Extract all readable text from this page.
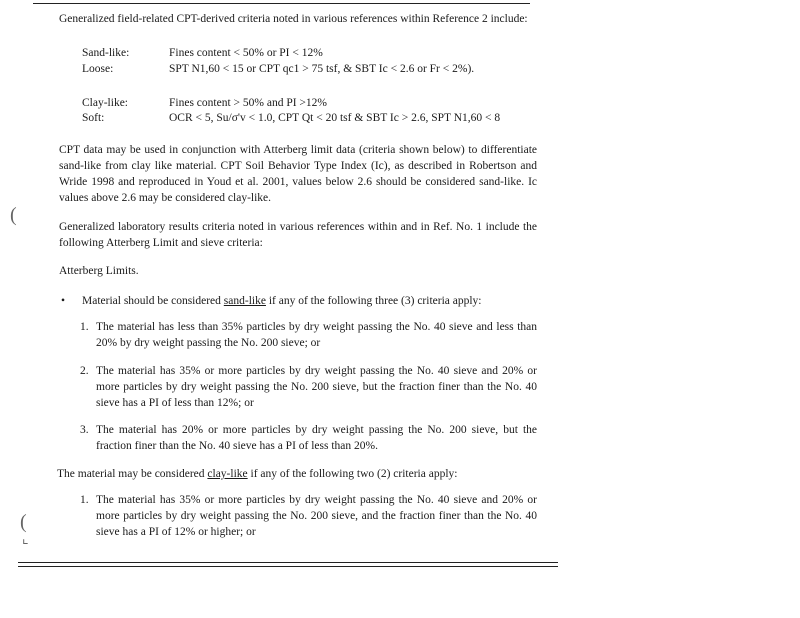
(
(
⌞

Generalized field-related CPT-derived criteria noted in various references within Reference 2 include:

Sand-like:	Fines content < 50% or PI < 12%
Loose:	SPT N1,60 < 15 or CPT qc1 > 75 tsf, & SBT Ic < 2.6 or Fr < 2%).
Clay-like:	Fines content > 50% and PI >12%
Soft:	OCR < 5, Su/σ'v < 1.0, CPT Qt < 20 tsf & SBT Ic > 2.6, SPT N1,60 < 8

CPT data may be used in conjunction with Atterberg limit data (criteria shown below) to differentiate sand-like from clay like material. CPT Soil Behavior Type Index (Ic), as described in Robertson and Wride 1998 and reproduced in Youd et al. 2001, values below 2.6 should be considered sand-like. Ic values above 2.6 may be considered clay-like.

Generalized laboratory results criteria noted in various references within and in Ref. No. 1 include the following Atterberg Limit and sieve criteria:

Atterberg Limits.

•	Material should be considered sand-like if any of the following three (3) criteria apply:
1. The material has less than 35% particles by dry weight passing the No. 40 sieve and less than 20% by dry weight passing the No. 200 sieve; or
2. The material has 35% or more particles by dry weight passing the No. 40 sieve and 20% or more particles by dry weight passing the No. 200 sieve, but the fraction finer than the No. 40 sieve has a PI of less than 12%; or
3. The material has 20% or more particles by dry weight passing the No. 200 sieve, but the fraction finer than the No. 40 sieve has a PI of less than 20%.

The material may be considered clay-like if any of the following two (2) criteria apply:

1. The material has 35% or more particles by dry weight passing the No. 40 sieve and 20% or more particles by dry weight passing the No. 200 sieve, and the fraction finer than the No. 40 sieve has a PI of 12% or higher; or
